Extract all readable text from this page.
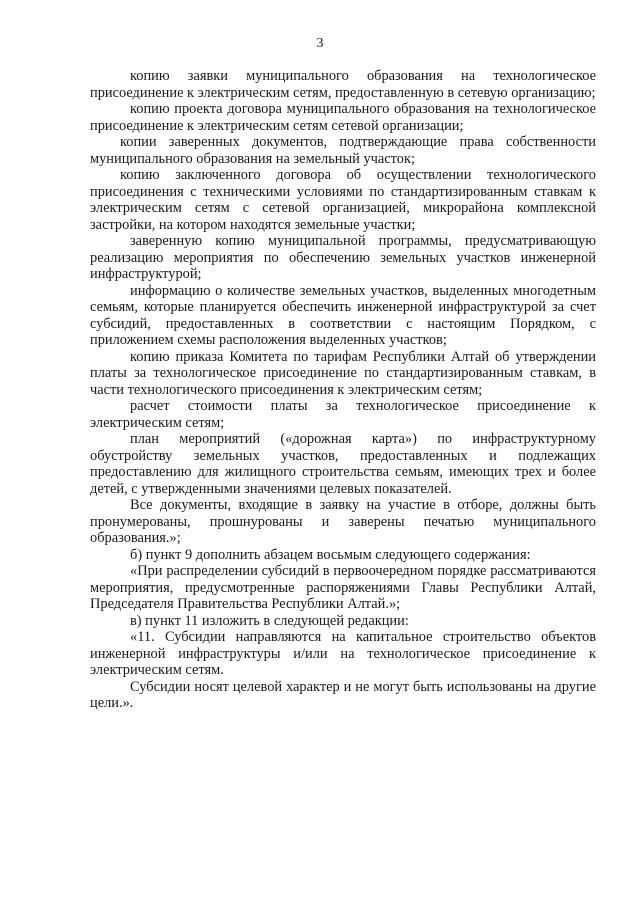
3

копию заявки муниципального образования на технологическое присоединение к электрическим сетям, предоставленную в сетевую организацию;

копию проекта договора муниципального образования на технологическое присоединение к электрическим сетям сетевой организации;

копии заверенных документов, подтверждающие права собственности муниципального образования на земельный участок;

копию заключенного договора об осуществлении технологического присоединения с техническими условиями по стандартизированным ставкам к электрическим сетям с сетевой организацией, микрорайона комплексной застройки, на котором находятся земельные участки;

заверенную копию муниципальной программы, предусматривающую реализацию мероприятия по обеспечению земельных участков инженерной инфраструктурой;

информацию о количестве земельных участков, выделенных многодетным семьям, которые планируется обеспечить инженерной инфраструктурой за счет субсидий, предоставленных в соответствии с настоящим Порядком, с приложением схемы расположения выделенных участков;

копию приказа Комитета по тарифам Республики Алтай об утверждении платы за технологическое присоединение по стандартизированным ставкам, в части технологического присоединения к электрическим сетям;

расчет стоимости платы за технологическое присоединение к электрическим сетям;

план мероприятий («дорожная карта») по инфраструктурному обустройству земельных участков, предоставленных и подлежащих предоставлению для жилищного строительства семьям, имеющих трех и более детей, с утвержденными значениями целевых показателей.

Все документы, входящие в заявку на участие в отборе, должны быть пронумерованы, прошнурованы и заверены печатью муниципального образования.»;

б) пункт 9 дополнить абзацем восьмым следующего содержания:

«При распределении субсидий в первоочередном порядке рассматриваются мероприятия, предусмотренные распоряжениями Главы Республики Алтай, Председателя Правительства Республики Алтай.»;

в) пункт 11 изложить в следующей редакции:

«11. Субсидии направляются на капитальное строительство объектов инженерной инфраструктуры и/или на технологическое присоединение к электрическим сетям.

Субсидии носят целевой характер и не могут быть использованы на другие цели.».
